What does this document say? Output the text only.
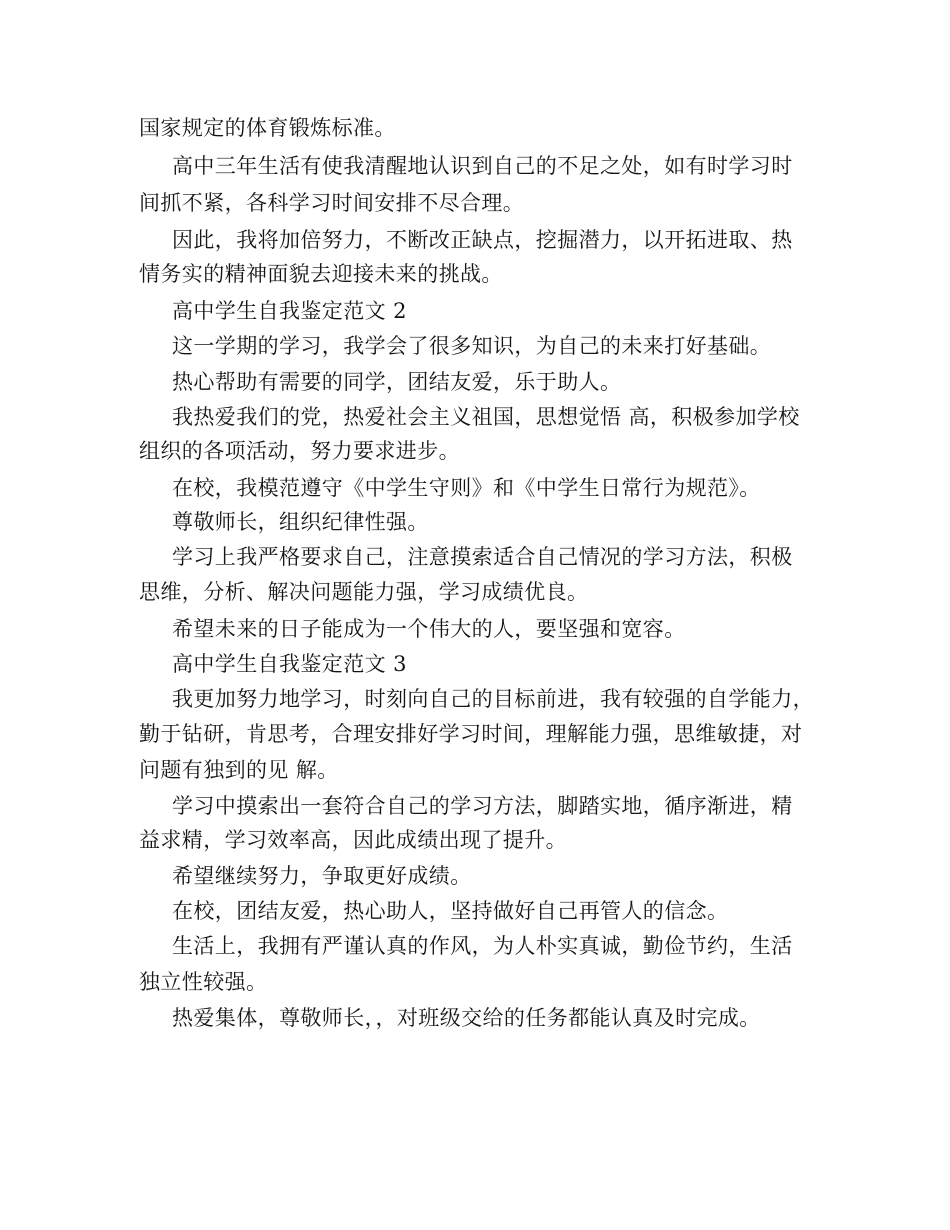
国家规定的体育锻炼标准。

高中三年生活有使我清醒地认识到自己的不足之处，如有时学习时

间抓不紧，各科学习时间安排不尽合理。

因此，我将加倍努力，不断改正缺点，挖掘潜力，以开拓进取、热

情务实的精神面貌去迎接未来的挑战。

高中学生自我鉴定范文 2

这一学期的学习，我学会了很多知识，为自己的未来打好基础。

热心帮助有需要的同学，团结友爱，乐于助人。

我热爱我们的党，热爱社会主义祖国，思想觉悟 高，积极参加学校

组织的各项活动，努力要求进步。

在校，我模范遵守《中学生守则》和《中学生日常行为规范》。

尊敬师长，组织纪律性强。

学习上我严格要求自己，注意摸索适合自己情况的学习方法，积极

思维，分析、解决问题能力强，学习成绩优良。

希望未来的日子能成为一个伟大的人，要坚强和宽容。

高中学生自我鉴定范文 3

我更加努力地学习，时刻向自己的目标前进，我有较强的自学能力，

勤于钻研，肯思考，合理安排好学习时间，理解能力强，思维敏捷，对

问题有独到的见 解。

学习中摸索出一套符合自己的学习方法，脚踏实地，循序渐进，精

益求精，学习效率高，因此成绩出现了提升。

希望继续努力，争取更好成绩。

在校，团结友爱，热心助人，坚持做好自己再管人的信念。

生活上，我拥有严谨认真的作风，为人朴实真诚，勤俭节约，生活

独立性较强。

热爱集体，尊敬师长，，对班级交给的任务都能认真及时完成。
